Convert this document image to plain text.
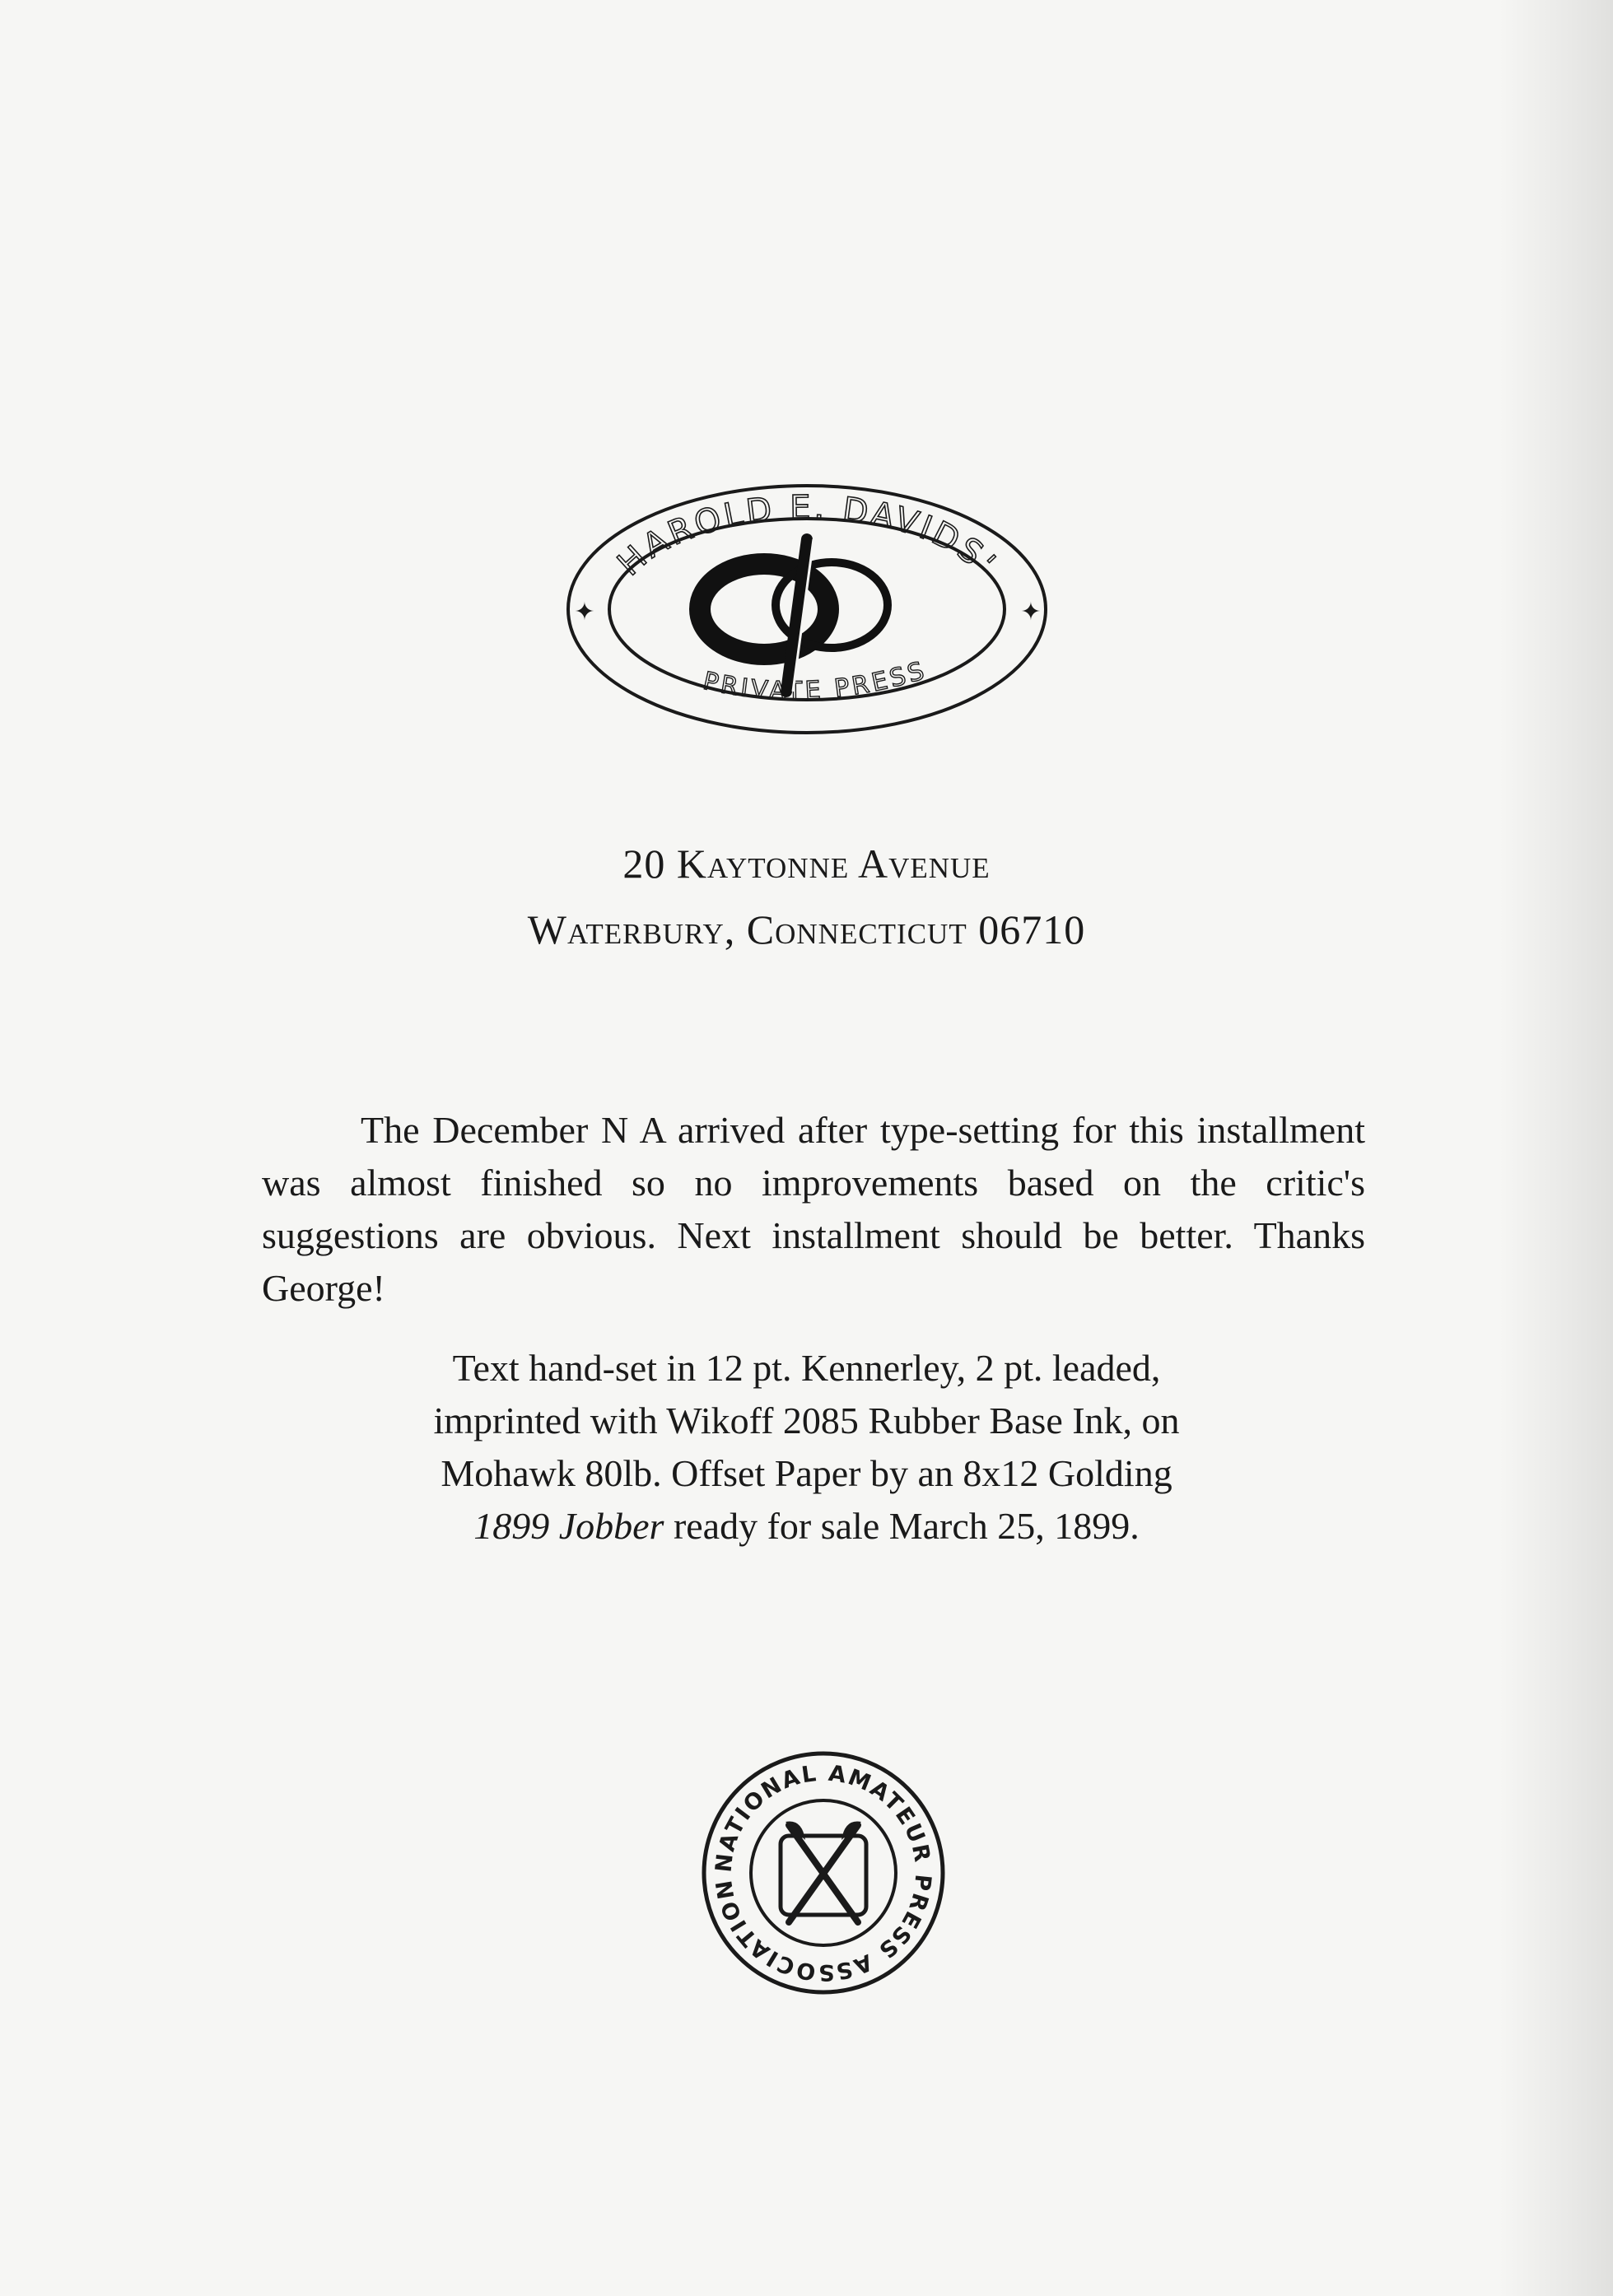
✦	✦
HAROLD E. DAVIDS'
PRIVATE PRESS
20 Kaytonne Avenue
Waterbury, Connecticut 06710

The December N A arrived after type-setting for this installment was almost finished so no improvements based on the critic's suggestions are obvious. Next installment should be better. Thanks George!

Text hand-set in 12 pt. Kennerley, 2 pt. leaded,
imprinted with Wikoff 2085 Rubber Base Ink, on
Mohawk 80lb. Offset Paper by an 8x12 Golding
1899 Jobber ready for sale March 25, 1899.
NATIONAL AMATEUR PRESS ASSOCIATION
